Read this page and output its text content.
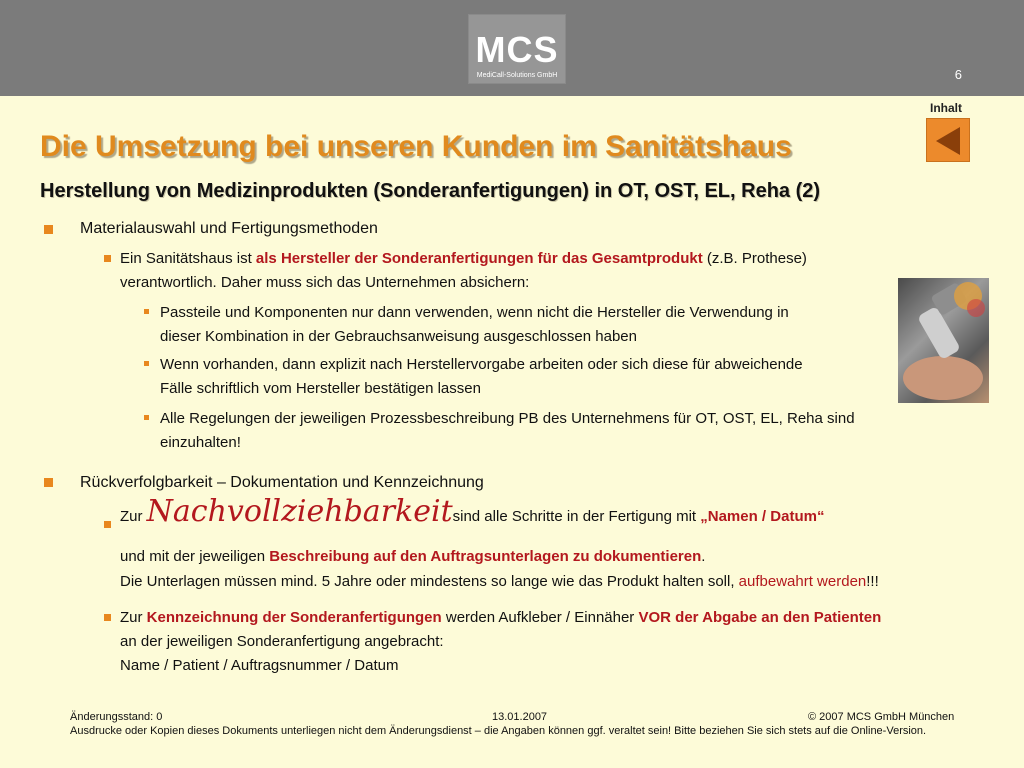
MCS
MediCall-Solutions GmbH	6
Inhalt
Die Umsetzung bei unseren Kunden im Sanitätshaus
Herstellung von Medizinprodukten (Sonderanfertigungen) in OT, OST, EL, Reha (2)
Materialauswahl und Fertigungsmethoden
Ein Sanitätshaus ist als Hersteller der Sonderanfertigungen für das Gesamtprodukt (z.B. Prothese)
verantwortlich. Daher muss sich das Unternehmen absichern:
Passteile und Komponenten nur dann verwenden, wenn nicht die Hersteller die Verwendung in
dieser Kombination in der Gebrauchsanweisung ausgeschlossen haben
Wenn vorhanden, dann explizit nach Herstellervorgabe arbeiten oder sich diese für abweichende
Fälle schriftlich vom Hersteller bestätigen lassen
Alle Regelungen der jeweiligen Prozessbeschreibung PB des Unternehmens für OT, OST, EL, Reha sind
einzuhalten!
Rückverfolgbarkeit – Dokumentation und Kennzeichnung
Zur Nachvollziehbarkeitsind alle Schritte in der Fertigung mit „Namen / Datum“
und mit der jeweiligen Beschreibung auf den Auftragsunterlagen zu dokumentieren.
Die Unterlagen müssen mind. 5 Jahre oder mindestens so lange wie das Produkt halten soll, aufbewahrt werden!!!
Zur Kennzeichnung der Sonderanfertigungen werden Aufkleber / Einnäher VOR der Abgabe an den Patienten
an der jeweiligen Sonderanfertigung angebracht:
Name / Patient / Auftragsnummer / Datum
Änderungsstand: 0	13.01.2007	© 2007 MCS GmbH München
Ausdrucke oder Kopien dieses Dokuments unterliegen nicht dem Änderungsdienst – die Angaben können ggf. veraltet sein! Bitte beziehen Sie sich stets auf die Online-Version.
